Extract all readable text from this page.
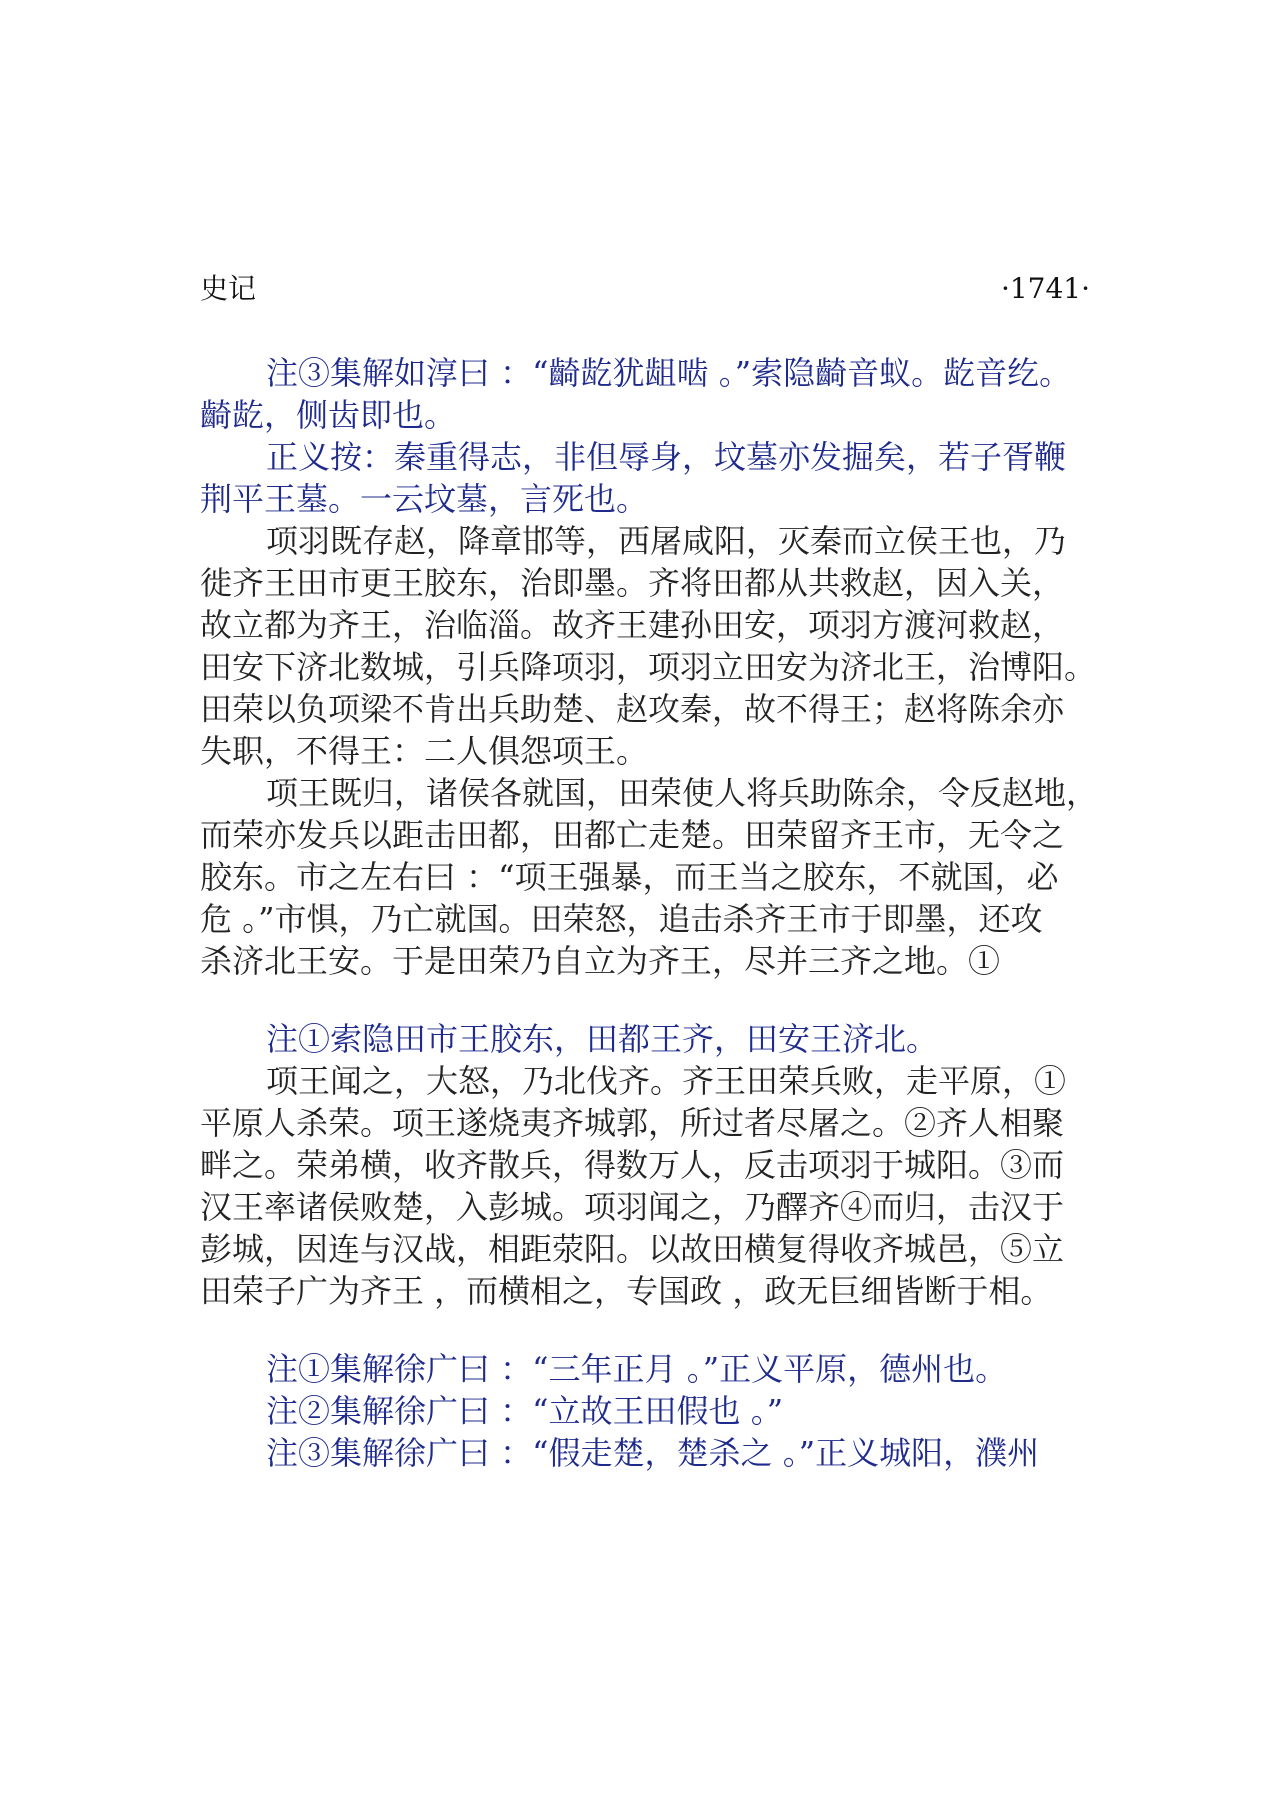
史记	·1741·

注③集解如淳曰 ：“齮龁犹龃啮 。”索隐齮音蚁。龁音纥。

齮龁，侧齿即也。

正义按：秦重得志，非但辱身，坟墓亦发掘矣，若子胥鞭

荆平王墓。一云坟墓，言死也。

项羽既存赵，降章邯等，西屠咸阳，灭秦而立侯王也，乃

徙齐王田市更王胶东，治即墨。齐将田都从共救赵，因入关，

故立都为齐王，治临淄。故齐王建孙田安，项羽方渡河救赵，

田安下济北数城，引兵降项羽，项羽立田安为济北王，治博阳。

田荣以负项梁不肯出兵助楚、赵攻秦，故不得王；赵将陈余亦

失职，不得王：二人俱怨项王。

项王既归，诸侯各就国，田荣使人将兵助陈余，令反赵地，

而荣亦发兵以距击田都，田都亡走楚。田荣留齐王市，无令之

胶东。市之左右曰 ：“项王强暴，而王当之胶东，不就国，必

危 。”市惧，乃亡就国。田荣怒，追击杀齐王市于即墨，还攻

杀济北王安。于是田荣乃自立为齐王，尽并三齐之地。①

注①索隐田市王胶东，田都王齐，田安王济北。

项王闻之，大怒，乃北伐齐。齐王田荣兵败，走平原，①

平原人杀荣。项王遂烧夷齐城郭，所过者尽屠之。②齐人相聚

畔之。荣弟横，收齐散兵，得数万人，反击项羽于城阳。③而

汉王率诸侯败楚，入彭城。项羽闻之，乃醳齐④而归，击汉于

彭城，因连与汉战，相距荥阳。以故田横复得收齐城邑，⑤立

田荣子广为齐王 ，而横相之，专国政 ，政无巨细皆断于相。

注①集解徐广曰 ：“三年正月 。”正义平原，德州也。

注②集解徐广曰 ：“立故王田假也 。”

注③集解徐广曰 ：“假走楚，楚杀之 。”正义城阳，濮州
